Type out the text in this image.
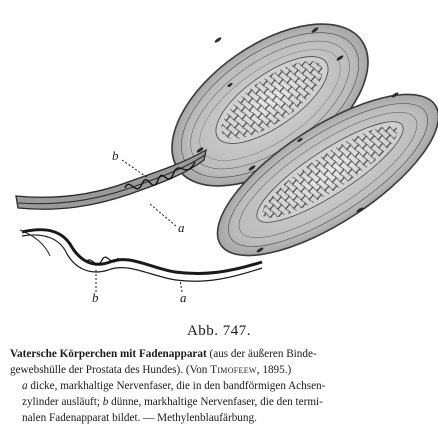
b
a
b	a

Abb. 747.

Vatersche Körperchen mit Fadenapparat (aus der äußeren Binde-

gewebshülle der Prostata des Hundes). (Von Timofeew, 1895.)

a dicke, markhaltige Nervenfaser, die in den bandförmigen Achsen-

zylinder ausläuft; b dünne, markhaltige Nervenfaser, die den termi-

nalen Fadenapparat bildet. — Methylenblaufärbung.
